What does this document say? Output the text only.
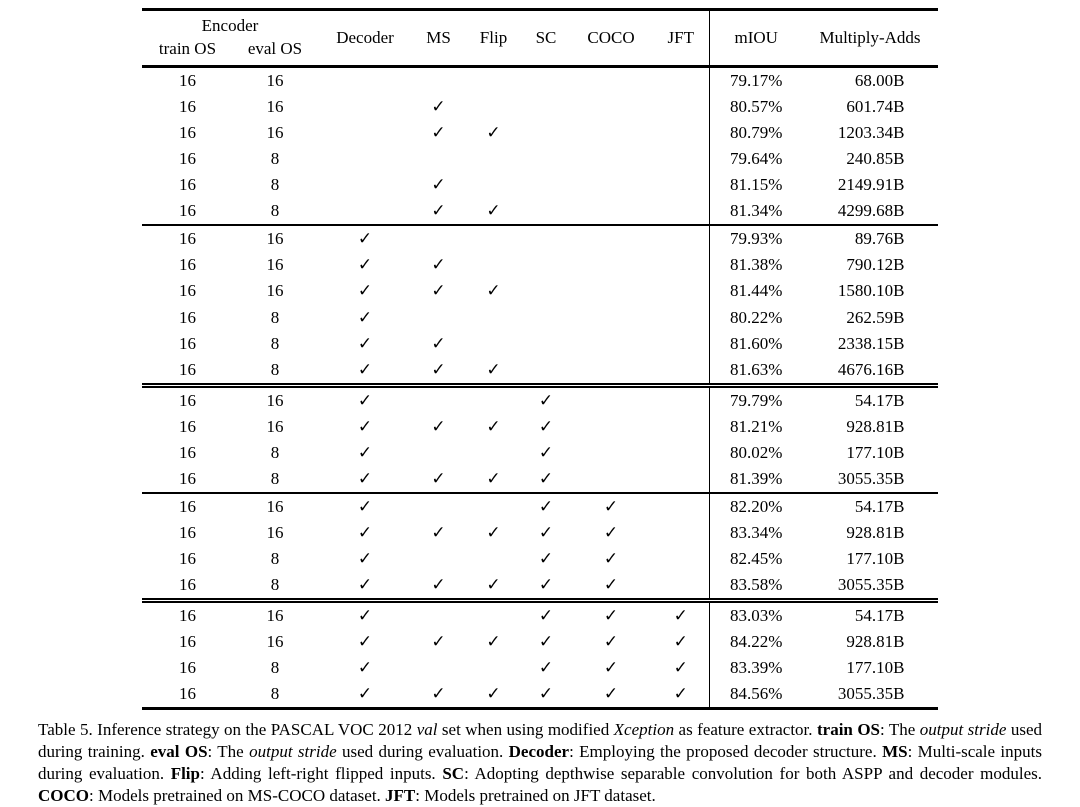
Encoder		Decoder	MS	Flip	SC	COCO	JFT	mIOU	Multiply-Adds
train OS	eval OS								
16	16							79.17%	68.00B
16	16		✓					80.57%	601.74B
16	16		✓	✓				80.79%	1203.34B
16	8							79.64%	240.85B
16	8		✓					81.15%	2149.91B
16	8		✓	✓				81.34%	4299.68B
16	16	✓						79.93%	89.76B
16	16	✓	✓					81.38%	790.12B
16	16	✓	✓	✓				81.44%	1580.10B
16	8	✓						80.22%	262.59B
16	8	✓	✓					81.60%	2338.15B
16	8	✓	✓	✓				81.63%	4676.16B
16	16	✓			✓			79.79%	54.17B
16	16	✓	✓	✓	✓			81.21%	928.81B
16	8	✓			✓			80.02%	177.10B
16	8	✓	✓	✓	✓			81.39%	3055.35B
16	16	✓			✓	✓		82.20%	54.17B
16	16	✓	✓	✓	✓	✓		83.34%	928.81B
16	8	✓			✓	✓		82.45%	177.10B
16	8	✓	✓	✓	✓	✓		83.58%	3055.35B
16	16	✓			✓	✓	✓	83.03%	54.17B
16	16	✓	✓	✓	✓	✓	✓	84.22%	928.81B
16	8	✓			✓	✓	✓	83.39%	177.10B
16	8	✓	✓	✓	✓	✓	✓	84.56%	3055.35B

Table 5. Inference strategy on the PASCAL VOC 2012 val set when using modified Xception as feature extractor. train OS: The output stride used during training. eval OS: The output stride used during evaluation. Decoder: Employing the proposed decoder structure. MS: Multi-scale inputs during evaluation. Flip: Adding left-right flipped inputs. SC: Adopting depthwise separable convolution for both ASPP and decoder modules. COCO: Models pretrained on MS-COCO dataset. JFT: Models pretrained on JFT dataset.
